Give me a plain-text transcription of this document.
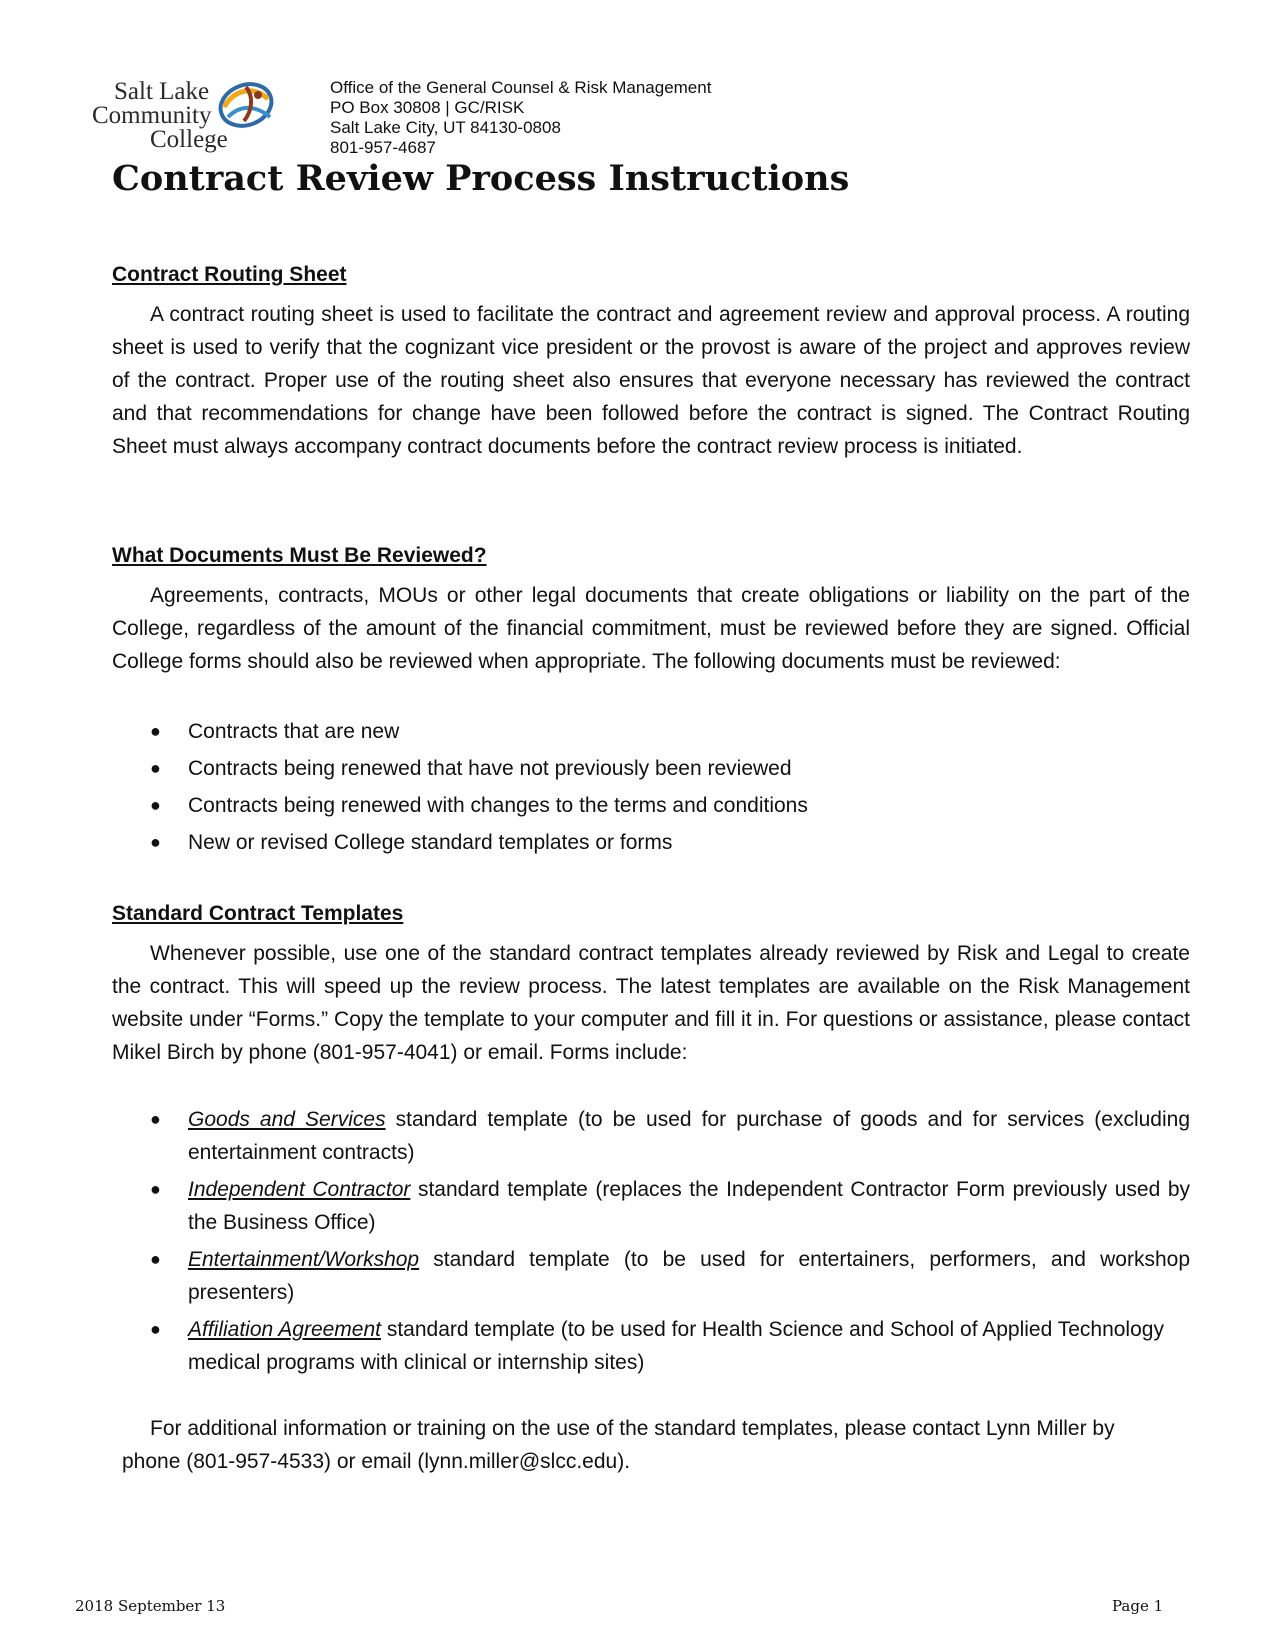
Salt Lake
Community
College
Office of the General Counsel & Risk Management
PO Box 30808 | GC/RISK
Salt Lake City, UT 84130-0808
801-957-4687
Contract Review Process Instructions
Contract Routing Sheet

A contract routing sheet is used to facilitate the contract and agreement review and approval process. A routing sheet is used to verify that the cognizant vice president or the provost is aware of the project and approves review of the contract. Proper use of the routing sheet also ensures that everyone necessary has reviewed the contract and that recommendations for change have been followed before the contract is signed. The Contract Routing Sheet must always accompany contract documents before the contract review process is initiated.

What Documents Must Be Reviewed?

Agreements, contracts, MOUs or other legal documents that create obligations or liability on the part of the College, regardless of the amount of the financial commitment, must be reviewed before they are signed. Official College forms should also be reviewed when appropriate. The following documents must be reviewed:

● Contracts that are new
● Contracts being renewed that have not previously been reviewed
● Contracts being renewed with changes to the terms and conditions
● New or revised College standard templates or forms
Standard Contract Templates

Whenever possible, use one of the standard contract templates already reviewed by Risk and Legal to create the contract. This will speed up the review process. The latest templates are available on the Risk Management website under “Forms.” Copy the template to your computer and fill it in. For questions or assistance, please contact Mikel Birch by phone (801-957-4041) or email. Forms include:

● Goods and Services standard template (to be used for purchase of goods and for services (excluding entertainment contracts)
● Independent Contractor standard template (replaces the Independent Contractor Form previously used by the Business Office)
● Entertainment/Workshop standard template (to be used for entertainers, performers, and workshop presenters)
● Affiliation Agreement standard template (to be used for Health Science and School of Applied Technology medical programs with clinical or internship sites)
For additional information or training on the use of the standard templates, please contact Lynn Miller by
phone (801-957-4533) or email (lynn.miller@slcc.edu).
2018 September 13	Page 1
